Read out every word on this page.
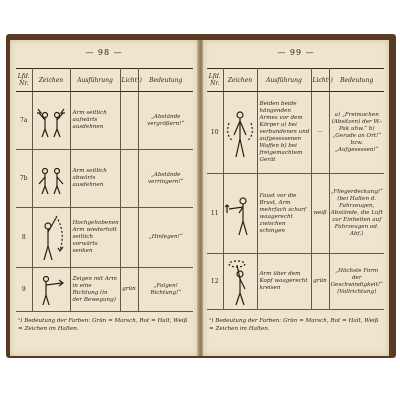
— 98 —
Lfd. Nr.	Zeichen	Ausführung	Licht¹)	Bedeutung
7a		Arm seitlich aufwärts ausdehnen		„Abstände vergrößern!“
7b		Arm seitlich abwärts ausdehnen		„Abstände verringern!“
8		Hochgehobenen Arm wiederholt seitlich vorwärts senken		„Hinlegen!“
9		Zeigen mit Arm in eine Richtung (in der Bewegung)	grün	„Folgen! Richtung!“
¹) Bedeutung der Farben: Grün = Marsch, Rot = Halt, Weiß = Zeichen im Halten.
— 99 —
Lfd. Nr.	Zeichen	Ausführung	Licht¹)	Bedeutung
10		Beiden beide hängenden Armes vor dem Körper a) bei verbundenen und aufgesessenen Waffen b) bei freigemachtem Gerät	—	a) „Freimachen (Absitzen) der W.-Pak uhw.“ b) „Gerade an Ort!“ bzw. „Aufgesessen!“
11		Faust vor die Brust, Arm mehrfach scharf waagerecht zwischen schingen	weiß	„Fliegerdeckung!“ (bei Halten d. Fahrzeugen, Abstände, die Luft zur Einheiten auf Fahrzeugen od. Abf.)
12		Arm über dem Kopf waagerecht kreisen	grün	„Höchste Form der Geschwindigkeit!“ (Vollrichtung)
¹) Bedeutung der Farben: Grün = Marsch, Rot = Halt, Weiß = Zeichen im Halten.
